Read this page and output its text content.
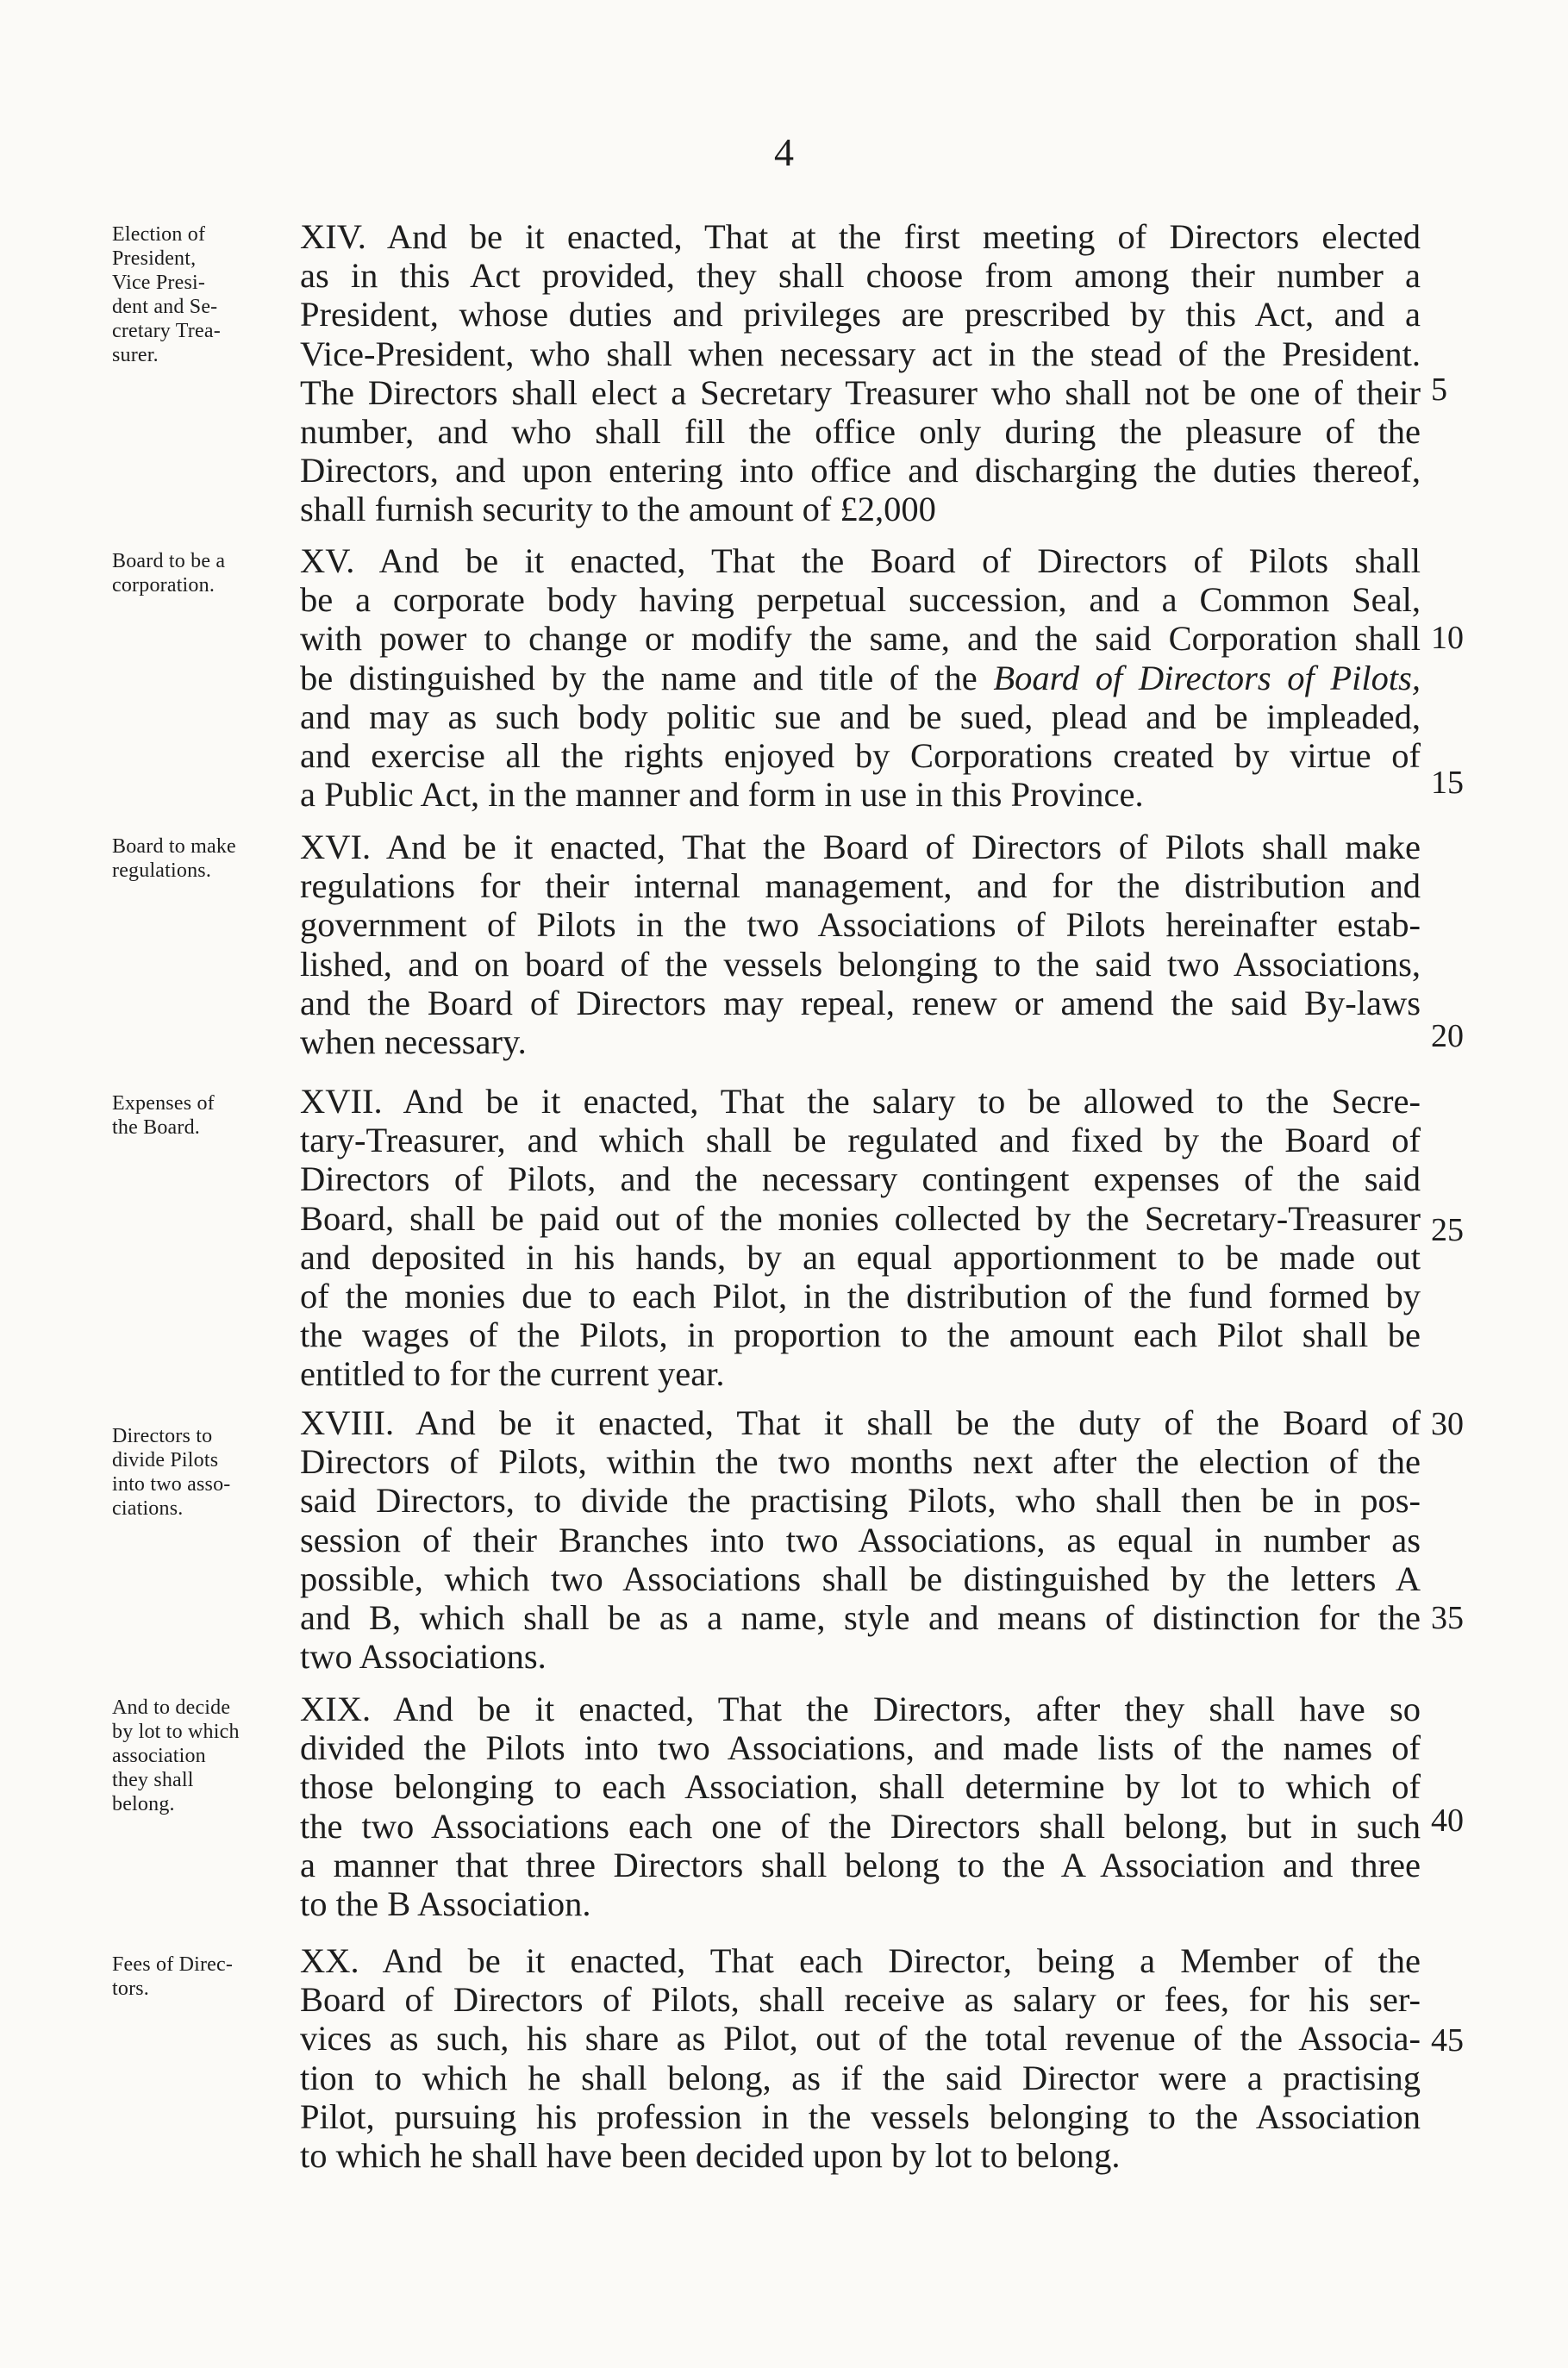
4
Election of
President,
Vice Presi-
dent and Se-
cretary Trea-
surer.
XIV. And be it enacted, That at the first meeting of Directors elected
as in this Act provided, they shall choose from among their number a
President, whose duties and privileges are prescribed by this Act, and a
Vice-President, who shall when necessary act in the stead of the President.
The Directors shall elect a Secretary Treasurer who shall not be one of their
number, and who shall fill the office only during the pleasure of the
Directors, and upon entering into office and discharging the duties thereof,
shall furnish security to the amount of £2,000
Board to be a
corporation.
XV. And be it enacted, That the Board of Directors of Pilots shall
be a corporate body having perpetual succession, and a Common Seal,
with power to change or modify the same, and the said Corporation shall
be distinguished by the name and title of the Board of Directors of Pilots,
and may as such body politic sue and be sued, plead and be impleaded,
and exercise all the rights enjoyed by Corporations created by virtue of
a Public Act, in the manner and form in use in this Province.
Board to make
regulations.
XVI. And be it enacted, That the Board of Directors of Pilots shall make
regulations for their internal management, and for the distribution and
government of Pilots in the two Associations of Pilots hereinafter estab-
lished, and on board of the vessels belonging to the said two Associations,
and the Board of Directors may repeal, renew or amend the said By-laws
when necessary.
Expenses of
the Board.
XVII. And be it enacted, That the salary to be allowed to the Secre-
tary-Treasurer, and which shall be regulated and fixed by the Board of
Directors of Pilots, and the necessary contingent expenses of the said
Board, shall be paid out of the monies collected by the Secretary-Treasurer
and deposited in his hands, by an equal apportionment to be made out
of the monies due to each Pilot, in the distribution of the fund formed by
the wages of the Pilots, in proportion to the amount each Pilot shall be
entitled to for the current year.
Directors to
divide Pilots
into two asso-
ciations.
XVIII. And be it enacted, That it shall be the duty of the Board of
Directors of Pilots, within the two months next after the election of the
said Directors, to divide the practising Pilots, who shall then be in pos-
session of their Branches into two Associations, as equal in number as
possible, which two Associations shall be distinguished by the letters A
and B, which shall be as a name, style and means of distinction for the
two Associations.
And to decide
by lot to which
association
they shall
belong.
XIX. And be it enacted, That the Directors, after they shall have so
divided the Pilots into two Associations, and made lists of the names of
those belonging to each Association, shall determine by lot to which of
the two Associations each one of the Directors shall belong, but in such
a manner that three Directors shall belong to the A Association and three
to the B Association.
Fees of Direc-
tors.
XX. And be it enacted, That each Director, being a Member of the
Board of Directors of Pilots, shall receive as salary or fees, for his ser-
vices as such, his share as Pilot, out of the total revenue of the Associa-
tion to which he shall belong, as if the said Director were a practising
Pilot, pursuing his profession in the vessels belonging to the Association
to which he shall have been decided upon by lot to belong.
5
10
15
20
25
30
35
40
45
